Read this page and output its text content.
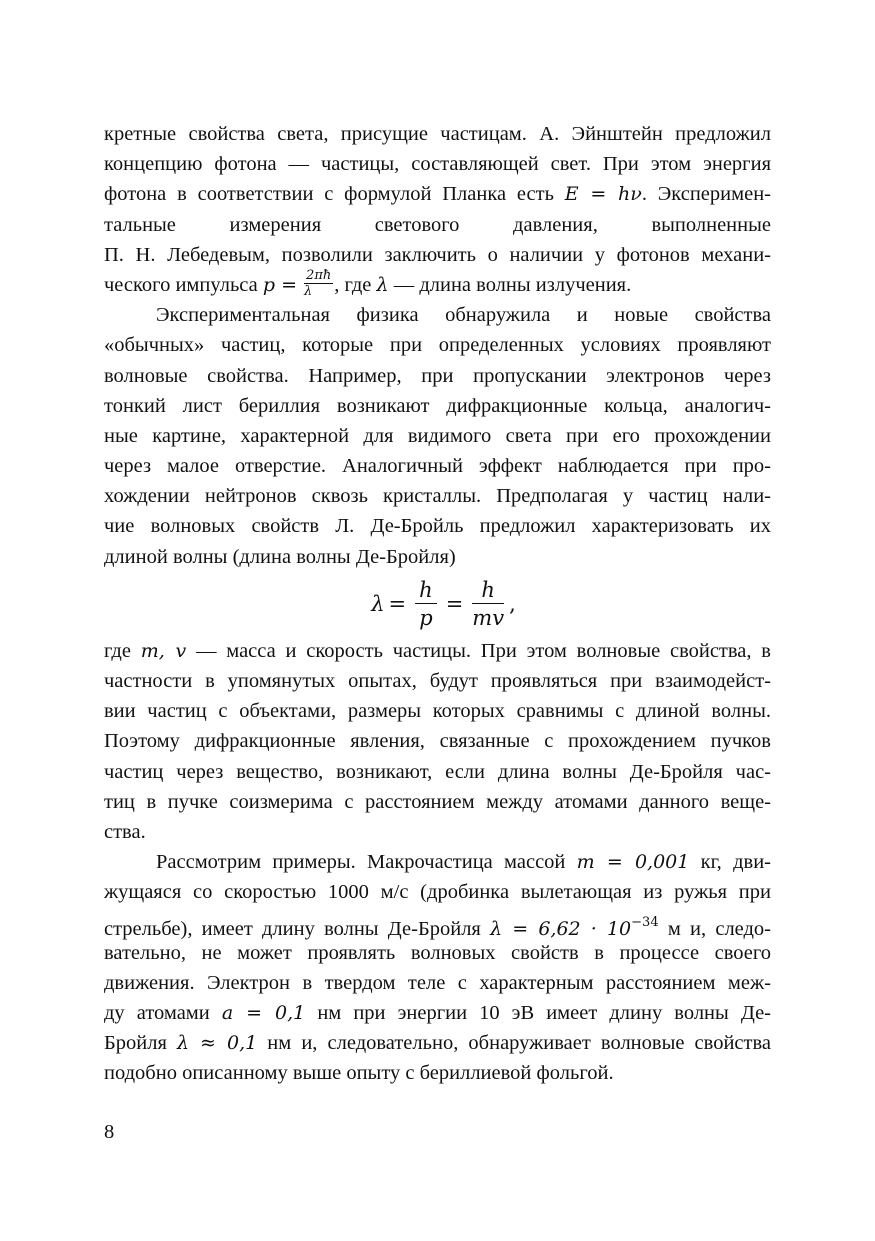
кретные свойства света, присущие частицам. А. Эйнштейн предложил
концепцию фотона — частицы, составляющей свет. При этом энергия
фотона в соответствии с формулой Планка есть E = hν. Эксперимен-
тальные измерения светового давления, выполненные
П. Н. Лебедевым, позволили заключить о наличии у фотонов механи-
ческого импульса $p = \frac{2\pi ħ}{\lambda}$ , где λ — длина волны излучения.
Экспериментальная физика обнаружила и новые свойства
«обычных» частиц, которые при определенных условиях проявляют
волновые свойства. Например, при пропускании электронов через
тонкий лист бериллия возникают дифракционные кольца, аналогич-
ные картине, характерной для видимого света при его прохождении
через малое отверстие. Аналогичный эффект наблюдается при про-
хождении нейтронов сквозь кристаллы. Предполагая у частиц нали-
чие волновых свойств Л. Де-Бройль предложил характеризовать их
длиной волны (длина волны Де-Бройля)
$\lambda = \frac{h}{p} = \frac{h}{mv}$ ,
где m, v — масса и скорость частицы. При этом волновые свойства, в
частности в упомянутых опытах, будут проявляться при взаимодейст-
вии частиц с объектами, размеры которых сравнимы с длиной волны.
Поэтому дифракционные явления, связанные с прохождением пучков
частиц через вещество, возникают, если длина волны Де-Бройля час-
тиц в пучке соизмерима с расстоянием между атомами данного веще-
ства.
Рассмотрим примеры. Макрочастица массой m = 0,001 кг, дви-
жущаяся со скоростью 1000 м/с (дробинка вылетающая из ружья при
стрельбе), имеет длину волны Де-Бройля $\lambda = 6,62 \cdot 10^{-34}$ м и, следо-
вательно, не может проявлять волновых свойств в процессе своего
движения. Электрон в твердом теле с характерным расстоянием меж-
ду атомами a = 0,1 нм при энергии 10 эВ имеет длину волны Де-
Бройля λ ≈ 0,1 нм и, следовательно, обнаруживает волновые свойства
подобно описанному выше опыту с бериллиевой фольгой.
8
